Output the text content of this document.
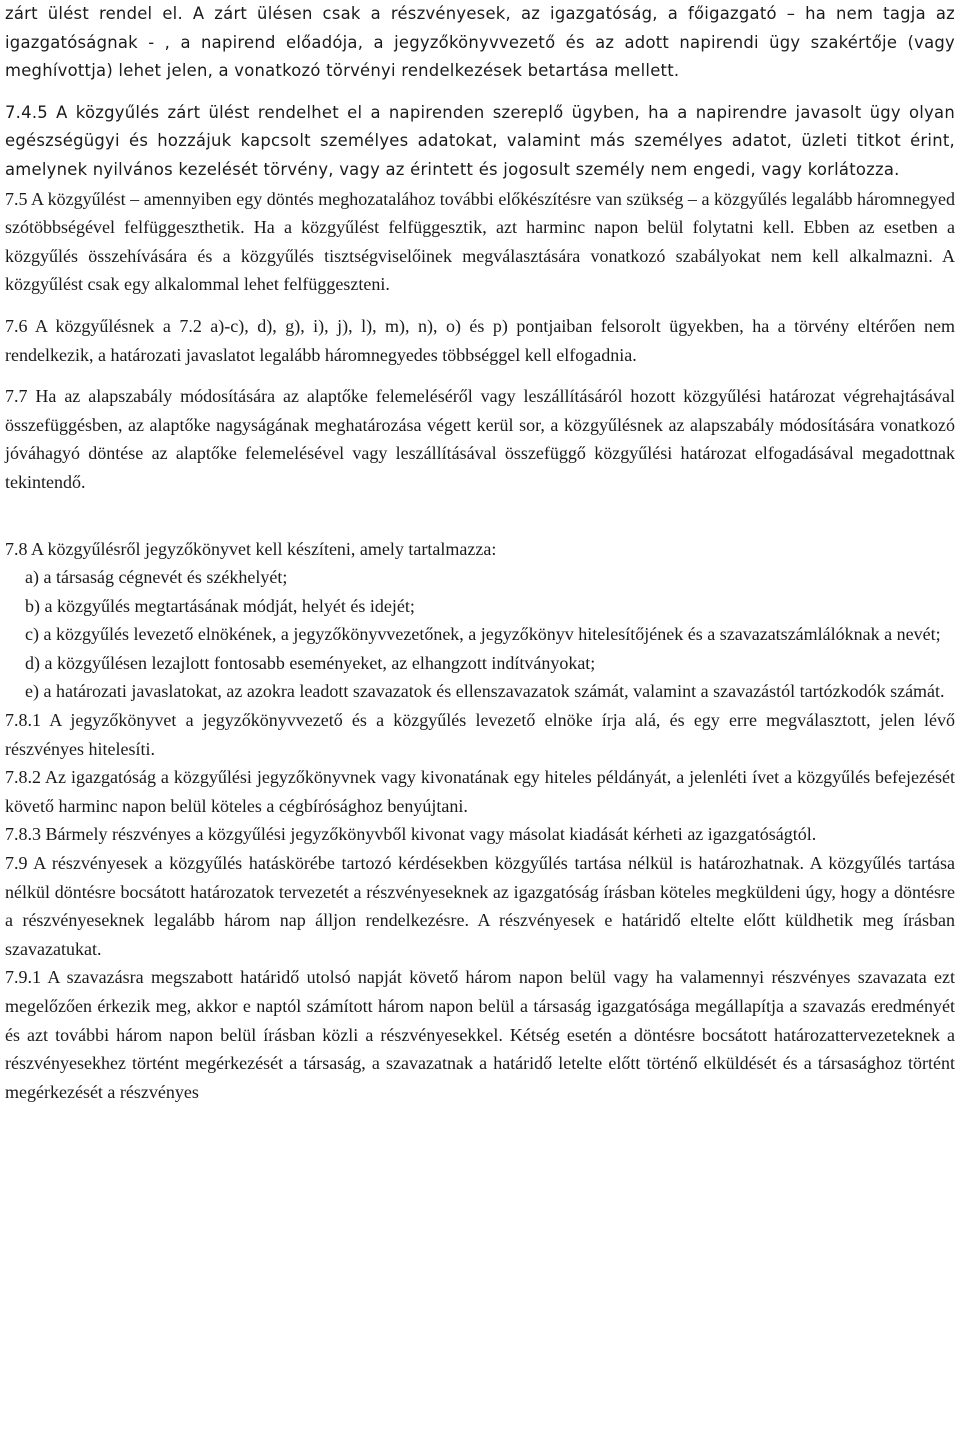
zárt ülést rendel el. A zárt ülésen csak a részvényesek, az igazgatóság, a főigazgató – ha nem tagja az igazgatóságnak - , a napirend előadója, a jegyzőkönyvvezető és az adott napirendi ügy szakértője (vagy meghívottja) lehet jelen, a vonatkozó törvényi rendelkezések betartása mellett.

7.4.5 A közgyűlés zárt ülést rendelhet el a napirenden szereplő ügyben, ha a napirendre javasolt ügy olyan egészségügyi és hozzájuk kapcsolt személyes adatokat, valamint más személyes adatot, üzleti titkot érint, amelynek nyilvános kezelését törvény, vagy az érintett és jogosult személy nem engedi, vagy korlátozza.

7.5 A közgyűlést – amennyiben egy döntés meghozatalához további előkészítésre van szükség – a közgyűlés legalább háromnegyed szótöbbségével felfüggeszthetik. Ha a közgyűlést felfüggesztik, azt harminc napon belül folytatni kell. Ebben az esetben a közgyűlés összehívására és a közgyűlés tisztségviselőinek megválasztására vonatkozó szabályokat nem kell alkalmazni. A közgyűlést csak egy alkalommal lehet felfüggeszteni.

7.6 A közgyűlésnek a 7.2 a)-c), d), g), i), j), l), m), n), o) és p) pontjaiban felsorolt ügyekben, ha a törvény eltérően nem rendelkezik, a határozati javaslatot legalább háromnegyedes többséggel kell elfogadnia.

7.7 Ha az alapszabály módosítására az alaptőke felemeléséről vagy leszállításáról hozott közgyűlési határozat végrehajtásával összefüggésben, az alaptőke nagyságának meghatározása végett kerül sor, a közgyűlésnek az alapszabály módosítására vonatkozó jóváhagyó döntése az alaptőke felemelésével vagy leszállításával összefüggő közgyűlési határozat elfogadásával megadottnak tekintendő.

7.8 A közgyűlésről jegyzőkönyvet kell készíteni, amely tartalmazza:

a) a társaság cégnevét és székhelyét;

b) a közgyűlés megtartásának módját, helyét és idejét;

c) a közgyűlés levezető elnökének, a jegyzőkönyvvezetőnek, a jegyzőkönyv hitelesítőjének és a szavazatszámlálóknak a nevét;

d) a közgyűlésen lezajlott fontosabb eseményeket, az elhangzott indítványokat;

e) a határozati javaslatokat, az azokra leadott szavazatok és ellenszavazatok számát, valamint a szavazástól tartózkodók számát.

7.8.1 A jegyzőkönyvet a jegyzőkönyvvezető és a közgyűlés levezető elnöke írja alá, és egy erre megválasztott, jelen lévő részvényes hitelesíti.

7.8.2 Az igazgatóság a közgyűlési jegyzőkönyvnek vagy kivonatának egy hiteles példányát, a jelenléti ívet a közgyűlés befejezését követő harminc napon belül köteles a cégbírósághoz benyújtani.

7.8.3 Bármely részvényes a közgyűlési jegyzőkönyvből kivonat vagy másolat kiadását kérheti az igazgatóságtól.

7.9 A részvényesek a közgyűlés hatáskörébe tartozó kérdésekben közgyűlés tartása nélkül is határozhatnak. A közgyűlés tartása nélkül döntésre bocsátott határozatok tervezetét a részvényeseknek az igazgatóság írásban köteles megküldeni úgy, hogy a döntésre a részvényeseknek legalább három nap álljon rendelkezésre. A részvényesek e határidő eltelte előtt küldhetik meg írásban szavazatukat.

7.9.1 A szavazásra megszabott határidő utolsó napját követő három napon belül vagy ha valamennyi részvényes szavazata ezt megelőzően érkezik meg, akkor e naptól számított három napon belül a társaság igazgatósága megállapítja a szavazás eredményét és azt további három napon belül írásban közli a részvényesekkel. Kétség esetén a döntésre bocsátott határozattervezeteknek a részvényesekhez történt megérkezését a társaság, a szavazatnak a határidő letelte előtt történő elküldését és a társasághoz történt megérkezését a részvényes
